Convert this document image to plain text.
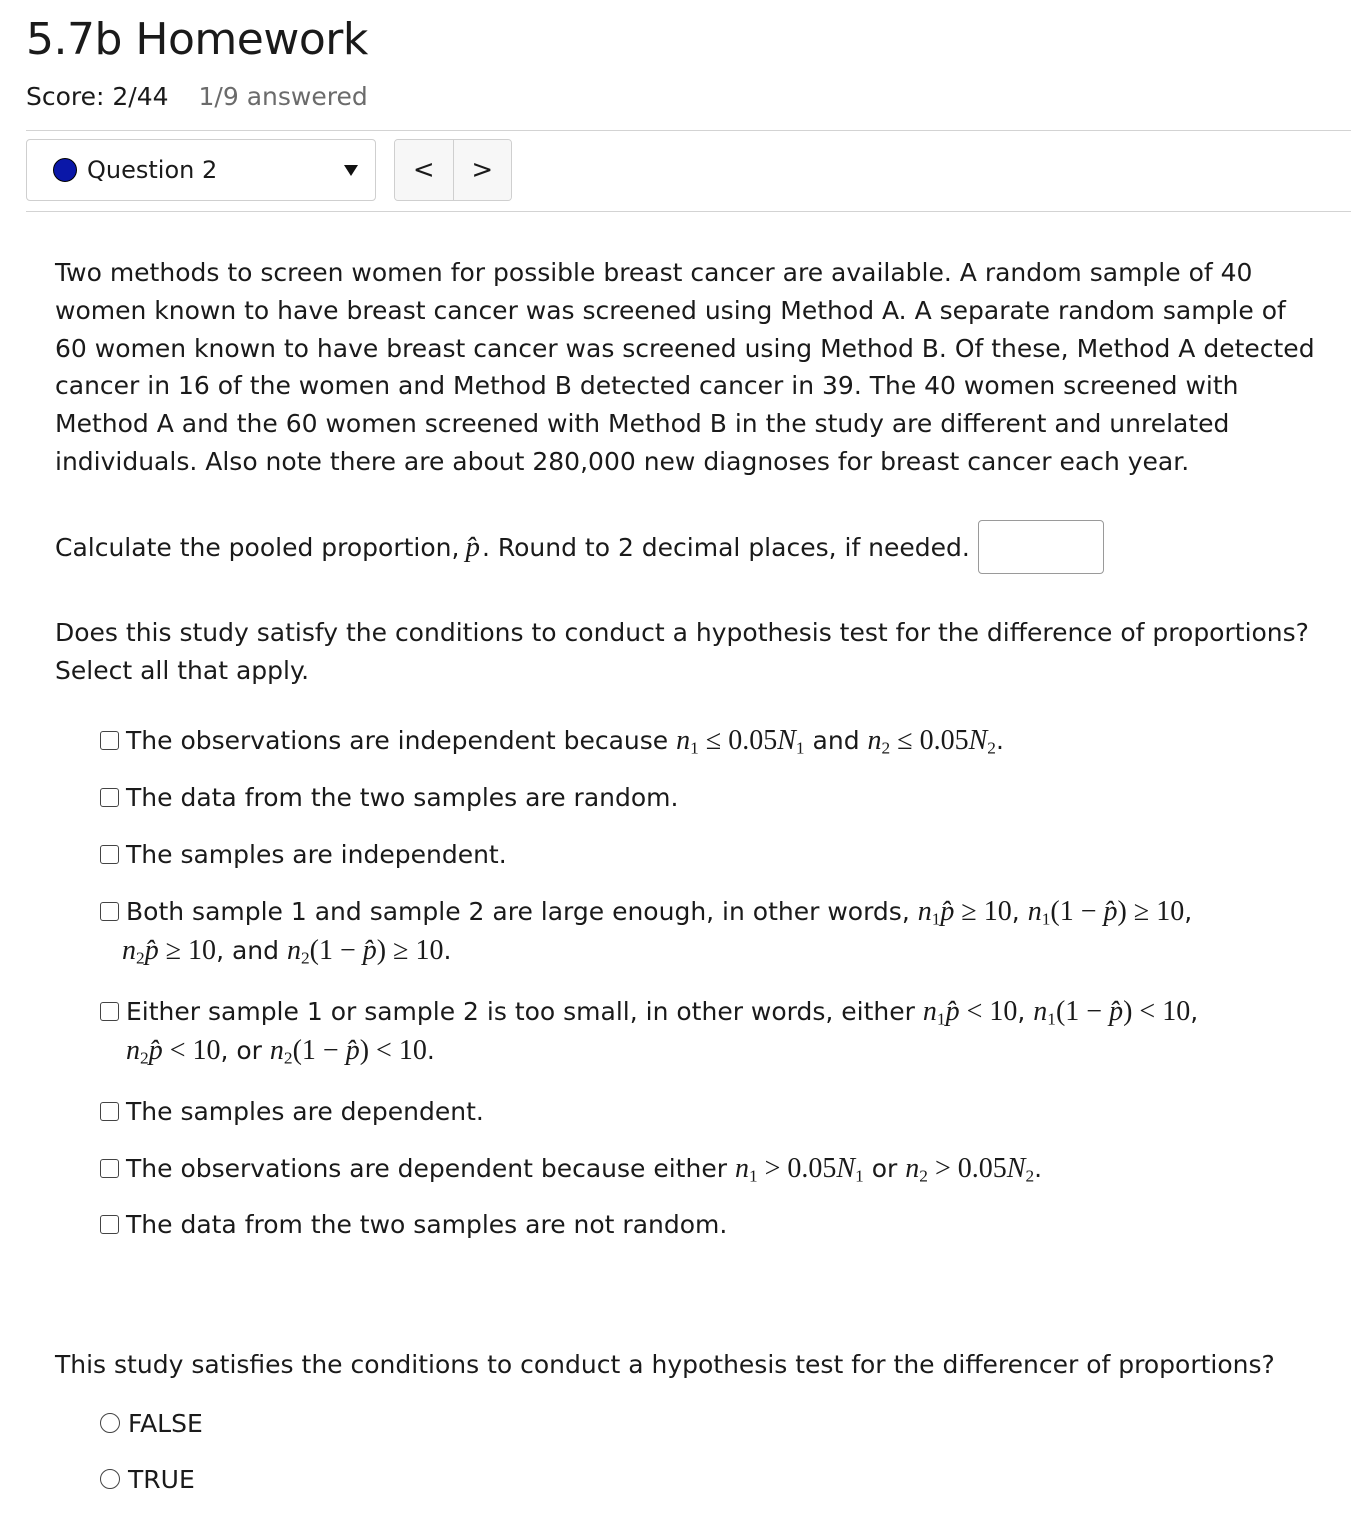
5.7b Homework
Score: 2/44 1/9 answered
Question 2	<	>

Two methods to screen women for possible breast cancer are available. A random sample of 40 women known to have breast cancer was screened using Method A. A separate random sample of 60 women known to have breast cancer was screened using Method B. Of these, Method A detected cancer in 16 of the women and Method B detected cancer in 39. The 40 women screened with Method A and the 60 women screened with Method B in the study are different and unrelated individuals. Also note there are about 280,000 new diagnoses for breast cancer each year.

Calculate the pooled proportion, p̂ . Round to 2 decimal places, if needed.

Does this study satisfy the conditions to conduct a hypothesis test for the difference of proportions? Select all that apply.

The observations are independent because $n_1 \le 0.05N_1$ and $n_2 \le 0.05N_2$.
The data from the two samples are random.
The samples are independent.
Both sample 1 and sample 2 are large enough, in other words, $n_1p̂ \ge 10$, $n_1(1$ − p̂) ≥ 10,
$n_2p̂ \ge 10$, and $n_2(1$ − p̂) ≥ 10.
Either sample 1 or sample 2 is too small, in other words, either $n_1p̂ < 10$, $n_1(1$ − p̂) < 10,
$n_2p̂ < 10$, or $n_2(1$ − p̂) < 10.
The samples are dependent.
The observations are dependent because either $n_1 > 0.05N_1$ or $n_2 > 0.05N_2$.
The data from the two samples are not random.

This study satisfies the conditions to conduct a hypothesis test for the differencer of proportions?

FALSE
TRUE
